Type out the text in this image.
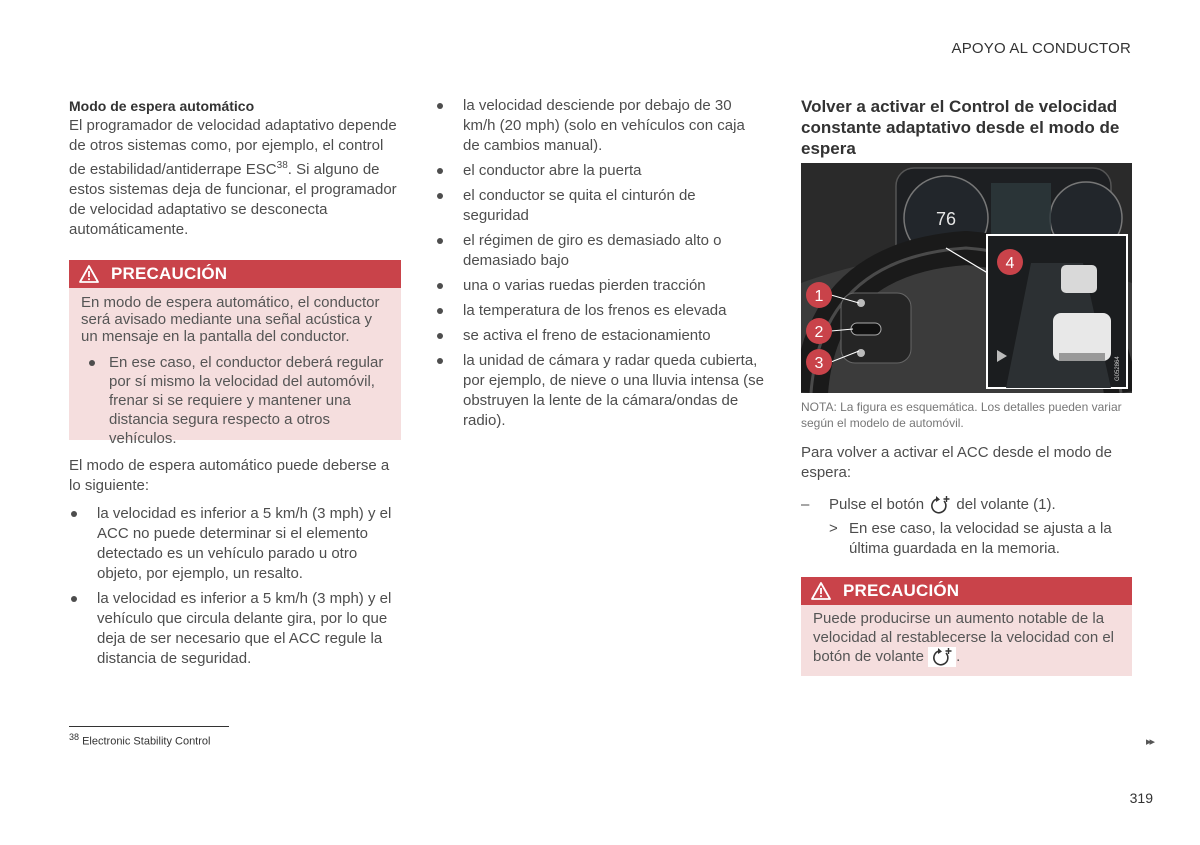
APOYO AL CONDUCTOR

Modo de espera automático

El programador de velocidad adaptativo depende de otros sistemas como, por ejemplo, el control de estabilidad/antiderrape ESC$^{38}$. Si alguno de estos sistemas deja de funcionar, el programador de velocidad adaptativo se desconecta automáticamente.

PRECAUCIÓN

En modo de espera automático, el conductor será avisado mediante una señal acústica y un mensaje en la pantalla del conductor.

En ese caso, el conductor deberá regular por sí mismo la velocidad del automóvil, frenar si se requiere y mantener una distancia segura respecto a otros vehículos.

El modo de espera automático puede deberse a lo siguiente:

la velocidad es inferior a 5 km/h (3 mph) y el ACC no puede determinar si el elemento detectado es un vehículo parado u otro objeto, por ejemplo, un resalto.
la velocidad es inferior a 5 km/h (3 mph) y el vehículo que circula delante gira, por lo que deja de ser necesario que el ACC regule la distancia de seguridad.
la velocidad desciende por debajo de 30 km/h (20 mph) (solo en vehículos con caja de cambios manual).
el conductor abre la puerta
el conductor se quita el cinturón de seguridad
el régimen de giro es demasiado alto o demasiado bajo
una o varias ruedas pierden tracción
la temperatura de los frenos es elevada
se activa el freno de estacionamiento
la unidad de cámara y radar queda cubierta, por ejemplo, de nieve o una lluvia intensa (se obstruyen la lente de la cámara/ondas de radio).

Volver a activar el Control de velocidad constante adaptativo desde el modo de espera

76
1
2
3
4
G052864

NOTA: La figura es esquemática. Los detalles pueden variar según el modelo de automóvil.

Para volver a activar el ACC desde el modo de espera:

– Pulse el botón del volante (1).
> En ese caso, la velocidad se ajusta a la última guardada en la memoria.
PRECAUCIÓN

Puede producirse un aumento notable de la velocidad al restablecerse la velocidad con el botón de volante .

$^{38}$ Electronic Stability Control	▸▸
319
